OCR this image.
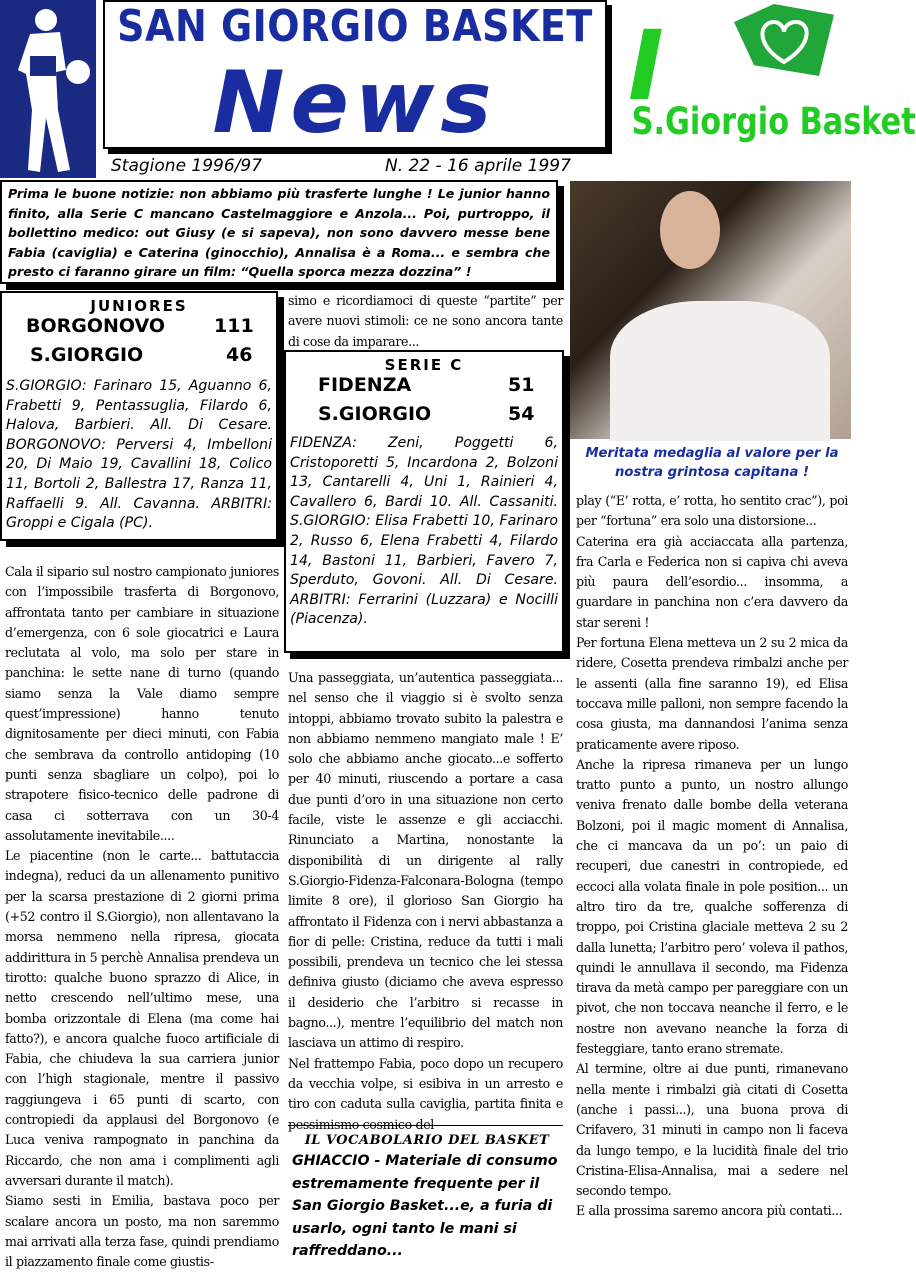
SAN GIORGIO BASKET
News
Stagione 1996/97	N. 22 - 16 aprile 1997
I
S.Giorgio Basket
Prima le buone notizie: non abbiamo più trasferte lunghe ! Le junior hanno finito, alla Serie C mancano Castelmaggiore e Anzola... Poi, purtroppo, il bollettino medico: out Giusy (e si sapeva), non sono davvero messe bene Fabia (caviglia) e Caterina (ginocchio), Annalisa è a Roma... e sembra che presto ci faranno girare un film: “Quella sporca mezza dozzina” !
Meritata medaglia al valore per la nostra grintosa capitana !
JUNIORES
BORGONOVO	111
S.GIORGIO	46
S.GIORGIO: Farinaro 15, Aguanno 6, Frabetti 9, Pentassuglia, Filardo 6, Halova, Barbieri. All. Di Cesare. BORGONOVO: Perversi 4, Imbelloni 20, Di Maio 19, Cavallini 18, Colico 11, Bortoli 2, Ballestra 17, Ranza 11, Raffaelli 9. All. Cavanna. ARBITRI: Groppi e Cigala (PC).
SERIE C
FIDENZA	51
S.GIORGIO	54
FIDENZA: Zeni, Poggetti 6, Cristoporetti 5, Incardona 2, Bolzoni 13, Cantarelli 4, Uni 1, Rainieri 4, Cavallero 6, Bardi 10. All. Cassaniti. S.GIORGIO: Elisa Frabetti 10, Farinaro 2, Russo 6, Elena Frabetti 4, Filardo 14, Bastoni 11, Barbieri, Favero 7, Sperduto, Govoni. All. Di Cesare. ARBITRI: Ferrarini (Luzzara) e Nocilli (Piacenza).

Cala il sipario sul nostro campionato juniores con l’impossibile trasferta di Borgonovo, affrontata tanto per cambiare in situazione d’emergenza, con 6 sole giocatrici e Laura reclutata al volo, ma solo per stare in panchina: le sette nane di turno (quando siamo senza la Vale diamo sempre quest’impressione) hanno tenuto dignitosamente per dieci minuti, con Fabia che sembrava da controllo antidoping (10 punti senza sbagliare un colpo), poi lo strapotere fisico-tecnico delle padrone di casa ci sotterrava con un 30-4 assolutamente inevitabile....

Le piacentine (non le carte... battutaccia indegna), reduci da un allenamento punitivo per la scarsa prestazione di 2 giorni prima (+52 contro il S.Giorgio), non allentavano la morsa nemmeno nella ripresa, giocata addirittura in 5 perchè Annalisa prendeva un tirotto: qualche buono sprazzo di Alice, in netto crescendo nell’ultimo mese, una bomba orizzontale di Elena (ma come hai fatto?), e ancora qualche fuoco artificiale di Fabia, che chiudeva la sua carriera junior con l’high stagionale, mentre il passivo raggiungeva i 65 punti di scarto, con contropiedi da applausi del Borgonovo (e Luca veniva rampognato in panchina da Riccardo, che non ama i complimenti agli avversari durante il match).

Siamo sesti in Emilia, bastava poco per scalare ancora un posto, ma non saremmo mai arrivati alla terza fase, quindi prendiamo il piazzamento finale come giustis-

simo e ricordiamoci di queste “partite” per avere nuovi stimoli: ce ne sono ancora tante di cose da imparare...

Una passeggiata, un’autentica passeggiata... nel senso che il viaggio si è svolto senza intoppi, abbiamo trovato subito la palestra e non abbiamo nemmeno mangiato male ! E’ solo che abbiamo anche giocato...e sofferto per 40 minuti, riuscendo a portare a casa due punti d’oro in una situazione non certo facile, viste le assenze e gli acciacchi. Rinunciato a Martina, nonostante la disponibilità di un dirigente al rally S.Giorgio-Fidenza-Falconara-Bologna (tempo limite 8 ore), il glorioso San Giorgio ha affrontato il Fidenza con i nervi abbastanza a fior di pelle: Cristina, reduce da tutti i mali possibili, prendeva un tecnico che lei stessa definiva giusto (diciamo che aveva espresso il desiderio che l’arbitro si recasse in bagno...), mentre l’equilibrio del match non lasciava un attimo di respiro.

Nel frattempo Fabia, poco dopo un recupero da vecchia volpe, si esibiva in un arresto e tiro con caduta sulla caviglia, partita finita e pessimismo cosmico del

IL VOCABOLARIO DEL BASKET
GHIACCIO - Materiale di consumo estremamente frequente per il San Giorgio Basket...e, a furia di usarlo, ogni tanto le mani si raffreddano...

play (“E’ rotta, e’ rotta, ho sentito crac”), poi per “fortuna” era solo una distorsione...

Caterina era già acciaccata alla partenza, fra Carla e Federica non si capiva chi aveva più paura dell’esordio... insomma, a guardare in panchina non c’era davvero da star sereni !

Per fortuna Elena metteva un 2 su 2 mica da ridere, Cosetta prendeva rimbalzi anche per le assenti (alla fine saranno 19), ed Elisa toccava mille palloni, non sempre facendo la cosa giusta, ma dannandosi l’anima senza praticamente avere riposo.

Anche la ripresa rimaneva per un lungo tratto punto a punto, un nostro allungo veniva frenato dalle bombe della veterana Bolzoni, poi il magic moment di Annalisa, che ci mancava da un po’: un paio di recuperi, due canestri in contropiede, ed eccoci alla volata finale in pole position... un altro tiro da tre, qualche sofferenza di troppo, poi Cristina glaciale metteva 2 su 2 dalla lunetta; l’arbitro pero’ voleva il pathos, quindi le annullava il secondo, ma Fidenza tirava da metà campo per pareggiare con un pivot, che non toccava neanche il ferro, e le nostre non avevano neanche la forza di festeggiare, tanto erano stremate.

Al termine, oltre ai due punti, rimanevano nella mente i rimbalzi già citati di Cosetta (anche i passi...), una buona prova di Crifavero, 31 minuti in campo non li faceva da lungo tempo, e la lucidità finale del trio Cristina-Elisa-Annalisa, mai a sedere nel secondo tempo.

E alla prossima saremo ancora più contati...
